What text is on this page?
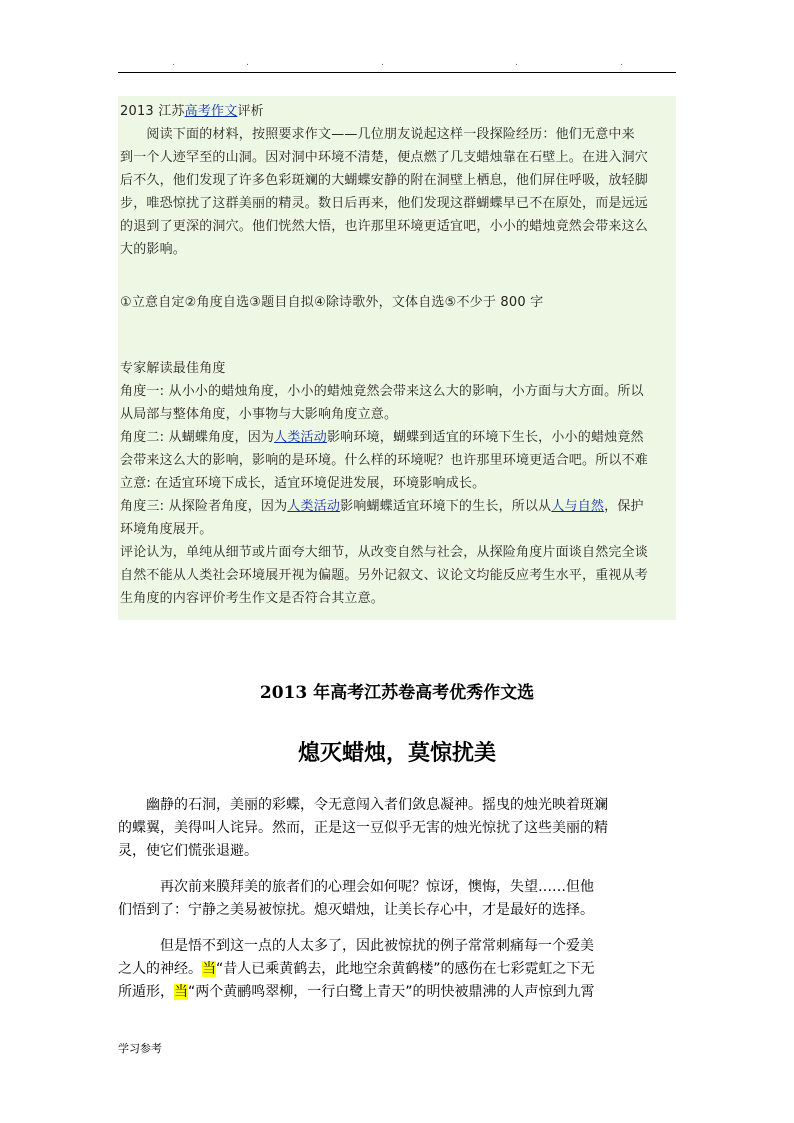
.	.	.	.	.
2013 江苏高考作文评析
　　阅读下面的材料，按照要求作文——几位朋友说起这样一段探险经历：他们无意中来
到一个人迹罕至的山洞。因对洞中环境不清楚，便点燃了几支蜡烛靠在石壁上。在进入洞穴
后不久，他们发现了许多色彩斑斓的大蝴蝶安静的附在洞壁上栖息，他们屏住呼吸，放轻脚
步，唯恐惊扰了这群美丽的精灵。数日后再来，他们发现这群蝴蝶早已不在原处，而是远远
的退到了更深的洞穴。他们恍然大悟，也许那里环境更适宜吧，小小的蜡烛竟然会带来这么
大的影响。
①立意自定②角度自选③题目自拟④除诗歌外，文体自选⑤不少于 800 字
专家解读最佳角度
角度一: 从小小的蜡烛角度，小小的蜡烛竟然会带来这么大的影响，小方面与大方面。所以
从局部与整体角度，小事物与大影响角度立意。
角度二: 从蝴蝶角度，因为人类活动影响环境，蝴蝶到适宜的环境下生长，小小的蜡烛竟然
会带来这么大的影响，影响的是环境。什么样的环境呢？也许那里环境更适合吧。所以不难
立意: 在适宜环境下成长，适宜环境促进发展，环境影响成长。
角度三: 从探险者角度，因为人类活动影响蝴蝶适宜环境下的生长，所以从人与自然，保护
环境角度展开。
评论认为，单纯从细节或片面夸大细节，从改变自然与社会，从探险角度片面谈自然完全谈
自然不能从人类社会环境展开视为偏题。另外记叙文、议论文均能反应考生水平，重视从考
生角度的内容评价考生作文是否符合其立意。
2013 年高考江苏卷高考优秀作文选
熄灭蜡烛，莫惊扰美
　　幽静的石洞，美丽的彩蝶，令无意闯入者们敛息凝神。摇曳的烛光映着斑斓
的蝶翼，美得叫人诧异。然而，正是这一豆似乎无害的烛光惊扰了这些美丽的精
灵，使它们慌张退避。
　　　再次前来膜拜美的旅者们的心理会如何呢？惊讶，懊悔，失望……但他
们悟到了：宁静之美易被惊扰。熄灭蜡烛，让美长存心中，才是最好的选择。
　　　但是悟不到这一点的人太多了，因此被惊扰的例子常常刺痛每一个爱美
之人的神经。当“昔人已乘黄鹤去，此地空余黄鹤楼”的感伤在七彩霓虹之下无
所遁形，当“两个黄鹂鸣翠柳，一行白鹭上青天”的明快被鼎沸的人声惊到九霄
学习参考
